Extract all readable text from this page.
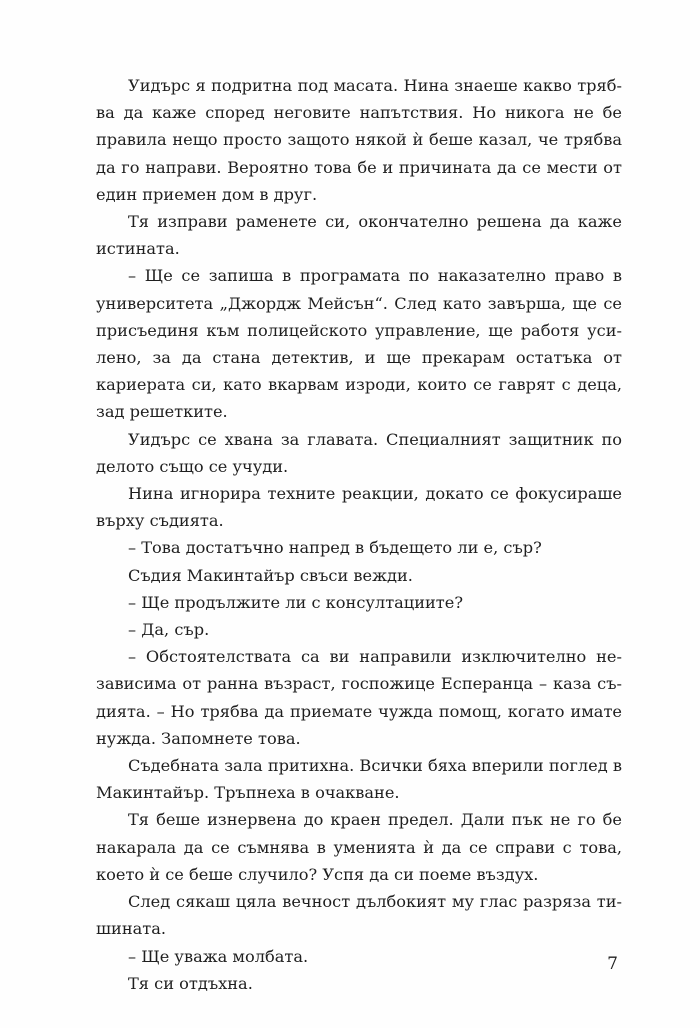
Уидърс я подритна под масата. Нина знаеше какво трябва да каже според неговите напътствия. Но никога не бе правила нещо просто защото някой ѝ беше казал, че трябва да го направи. Вероятно това бе и причината да се мести от един приемен дом в друг.

Тя изправи раменете си, окончателно решена да каже истината.

– Ще се запиша в програмата по наказателно право в университета „Джордж Мейсън“. След като завърша, ще се присъединя към полицейското управление, ще работя усилено, за да стана детектив, и ще прекарам остатъка от кариерата си, като вкарвам изроди, които се гаврят с деца, зад решетките.

Уидърс се хвана за главата. Специалният защитник по делото също се учуди.

Нина игнорира техните реакции, докато се фокусираше върху съдията.

– Това достатъчно напред в бъдещето ли е, сър?

Съдия Макинтайър свъси вежди.

– Ще продължите ли с консултациите?

– Да, сър.

– Обстоятелствата са ви направили изключително независима от ранна възраст, госпожице Есперанца – каза съдията. – Но трябва да приемате чужда помощ, когато имате нужда. Запомнете това.

Съдебната зала притихна. Всички бяха вперили поглед в Макинтайър. Тръпнеха в очакване.

Тя беше изнервена до краен предел. Дали пък не го бе накарала да се съмнява в уменията ѝ да се справи с това, което ѝ се беше случило? Успя да си поеме въздух.

След сякаш цяла вечност дълбокият му глас разряза тишината.

– Ще уважа молбата.

Тя си отдъхна.

7
